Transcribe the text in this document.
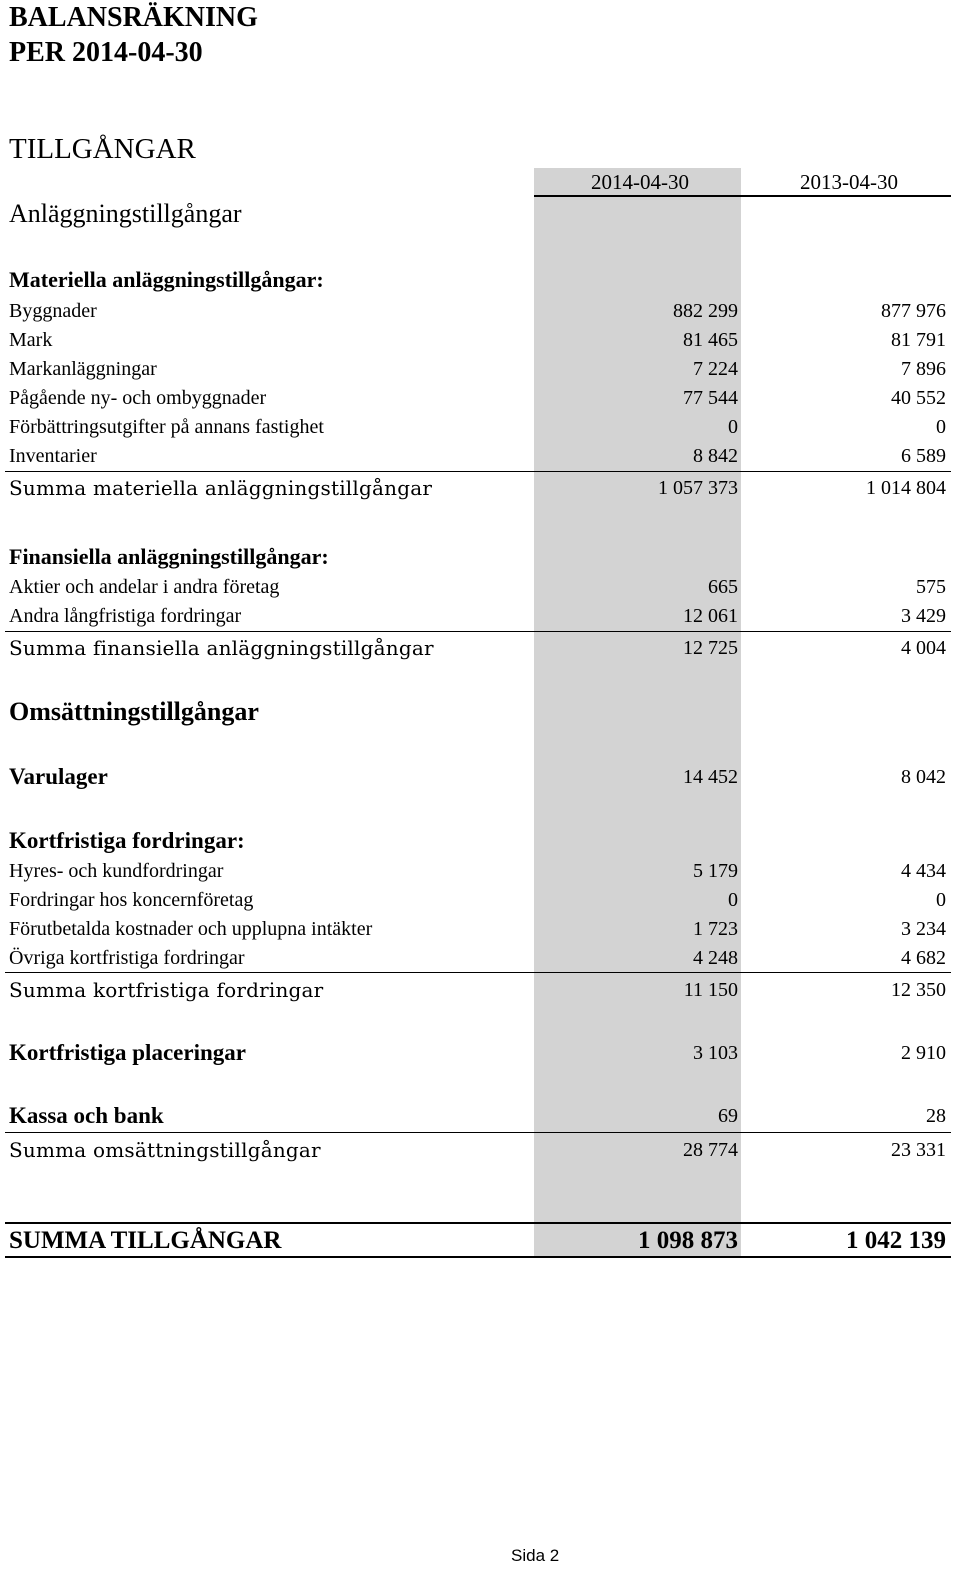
BALANSRÄKNING
PER 2014-04-30
TILLGÅNGAR
Anläggningstillgångar
2014-04-30	2013-04-30
Materiella anläggningstillgångar:
Byggnader	882 299	877 976
Mark	81 465	81 791
Markanläggningar	7 224	7 896
Pågående ny- och ombyggnader	77 544	40 552
Förbättringsutgifter på annans fastighet	0	0
Inventarier	8 842	6 589
Summa materiella anläggningstillgångar	1 057 373	1 014 804
Finansiella anläggningstillgångar:
Aktier och andelar i andra företag	665	575
Andra långfristiga fordringar	12 061	3 429
Summa finansiella anläggningstillgångar	12 725	4 004
Omsättningstillgångar
Varulager	14 452	8 042
Kortfristiga fordringar:
Hyres- och kundfordringar	5 179	4 434
Fordringar hos koncernföretag	0	0
Förutbetalda kostnader och upplupna intäkter	1 723	3 234
Övriga kortfristiga fordringar	4 248	4 682
Summa kortfristiga fordringar	11 150	12 350
Kortfristiga placeringar	3 103	2 910
Kassa och bank	69	28
Summa omsättningstillgångar	28 774	23 331
SUMMA TILLGÅNGAR	1 098 873	1 042 139
Sida 2
